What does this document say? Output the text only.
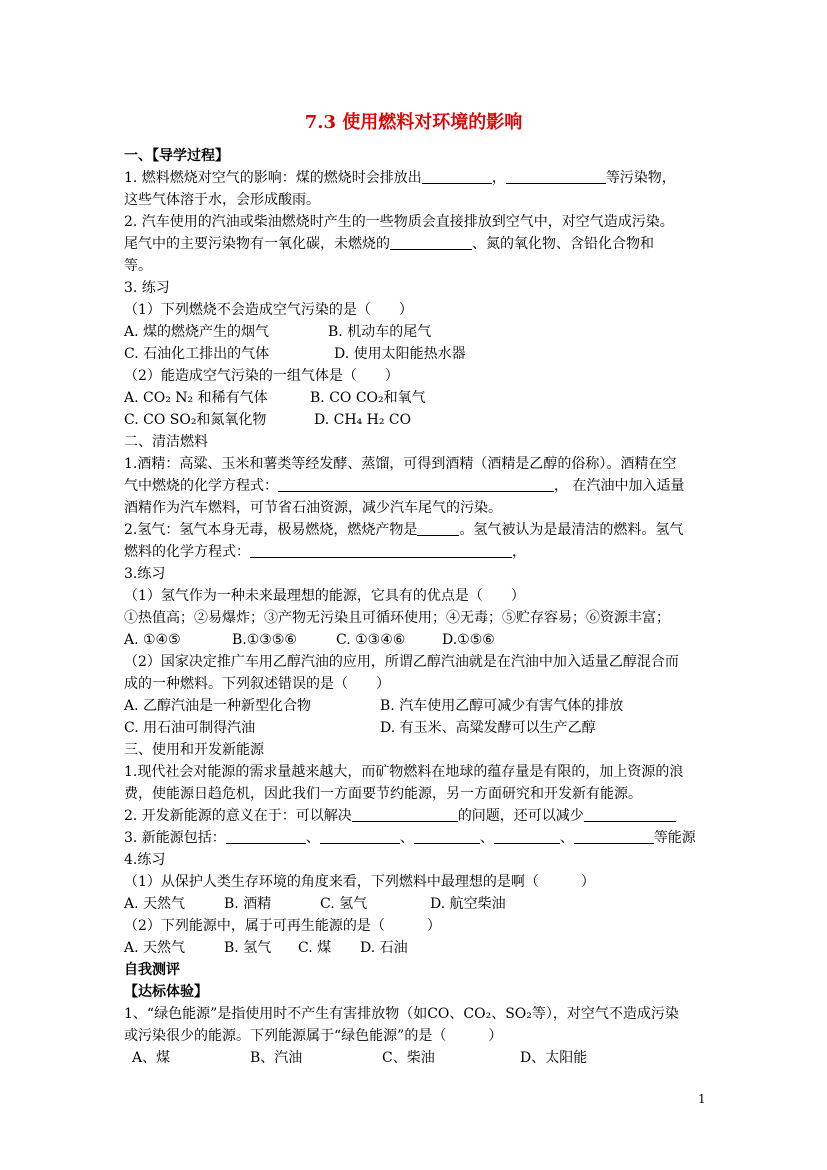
7.3 使用燃料对环境的影响
一、【导学过程】
1. 燃料燃烧对空气的影响：煤的燃烧时会排放出	，	等污染物，
这些气体溶于水，会形成酸雨。
2. 汽车使用的汽油或柴油燃烧时产生的一些物质会直接排放到空气中，对空气造成污染。
尾气中的主要污染物有一氧化碳，未燃烧的	、氮的氧化物、含铅化合物和
等。
3. 练习
（1）下列燃烧不会造成空气污染的是（　　）
A. 煤的燃烧产生的烟气	B. 机动车的尾气
C. 石油化工排出的气体	D. 使用太阳能热水器
（2）能造成空气污染的一组气体是（　　）
A. CO₂ N₂ 和稀有气体	B. CO CO₂和氧气
C. CO SO₂和氮氧化物	D. CH₄ H₂ CO
二、清洁燃料
1.酒精：高粱、玉米和薯类等经发酵、蒸馏，可得到酒精（酒精是乙醇的俗称）。酒精在空
气中燃烧的化学方程式：	， 在汽油中加入适量
酒精作为汽车燃料，可节省石油资源，减少汽车尾气的污染。
2.氢气：氢气本身无毒，极易燃烧，燃烧产物是	。氢气被认为是最清洁的燃料。氢气
燃料的化学方程式：	，
3.练习
（1）氢气作为一种未来最理想的能源，它具有的优点是（　　）
①热值高；②易爆炸；③产物无污染且可循环使用；④无毒；⑤贮存容易；⑥资源丰富；
A. ①④⑤	B.①③⑤⑥	C. ①③④⑥	D.①⑤⑥
（2）国家决定推广车用乙醇汽油的应用，所谓乙醇汽油就是在汽油中加入适量乙醇混合而
成的一种燃料。下列叙述错误的是（　　）
A. 乙醇汽油是一种新型化合物	B. 汽车使用乙醇可减少有害气体的排放
C. 用石油可制得汽油	D. 有玉米、高粱发酵可以生产乙醇
三、使用和开发新能源
1.现代社会对能源的需求量越来越大，而矿物燃料在地球的蕴存量是有限的，加上资源的浪
费，使能源日趋危机，因此我们一方面要节约能源，另一方面研究和开发新有能源。
2. 开发新能源的意义在于：可以解决	的问题，还可以减少
3. 新能源包括：	、	、	、	、	等能源
4.练习
（1）从保护人类生存环境的角度来看，下列燃料中最理想的是啊（　　　）
A. 天然气	B. 酒精	C. 氢气	D. 航空柴油
（2）下列能源中，属于可再生能源的是（　　　）
A. 天然气	B. 氢气 C. 煤 D. 石油
自我测评
【达标体验】
1、“绿色能源”是指使用时不产生有害排放物（如CO、CO₂、SO₂等），对空气不造成污染
或污染很少的能源。下列能源属于“绿色能源”的是（　　　）
A、煤	B、汽油	C、柴油	D、太阳能
1
